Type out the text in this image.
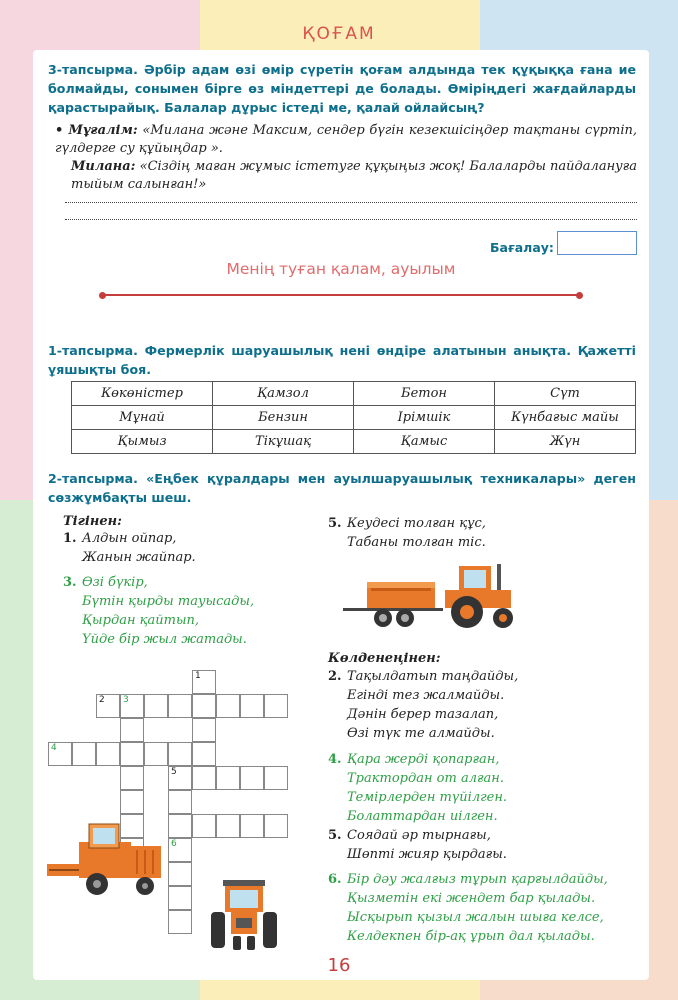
ҚОҒАМ
3-тапсырма. Әрбір адам өзі өмір сүретін қоғам алдында тек құқыққа ғана ие болмайды, сонымен бірге өз міндеттері де болады. Өміріңдегі жағдайларды қарастырайық. Балалар дұрыс істеді ме, қалай ойлайсың?
• Мұғалім: «Милана және Максим, сендер бүгін кезекшісіңдер тақтаны сүртіп, гүлдерге су құйыңдар ».
Милана: «Сіздің маған жұмыс істетуге құқыңыз жоқ! Балаларды пайдалануға тыйым салынған!»
Бағалау:
Менің туған қалам, ауылым
1-тапсырма. Фермерлік шаруашылық нені өндіре алатынын анықта. Қажетті ұяшықты боя.
Көкөністер	Қамзол	Бетон	Сүт
Мұнай	Бензин	Ірімшік	Күнбағыс майы
Қымыз	Тікұшақ	Қамыс	Жүн
2-тапсырма. «Еңбек құралдары мен ауылшаруашылық техникалары» деген сөзжұмбақты шеш.
Тігінен:
1. Алдын ойпар,
Жанын жайпар.
3. Өзі бүкір,
Бүтін қырды тауысады,
Қырдан қайтып,
Үйде бір жыл жатады.
5. Кеудесі толған құс,
Табаны толған тіс.
Көлденеңінен:
2. Тақылдатып таңдайды,
Егінді тез жалмайды.
Дәнін берер тазалап,
Өзі түк те алмайды.
4. Қара жерді қопарған,
Трактордан от алған.
Темірлерден түйілген.
Болаттардан иілген.
5. Соядай әр тырнағы,
Шөпті жияр қырдағы.
6. Бір дәу жалғыз тұрып қарғылдайды,
Қызметін екі жендет бар қылады.
Ысқырып қызыл жалын шыға келсе,
Келдекпен бір-ақ ұрып дал қылады.
1
2 3
4
5
6
16
